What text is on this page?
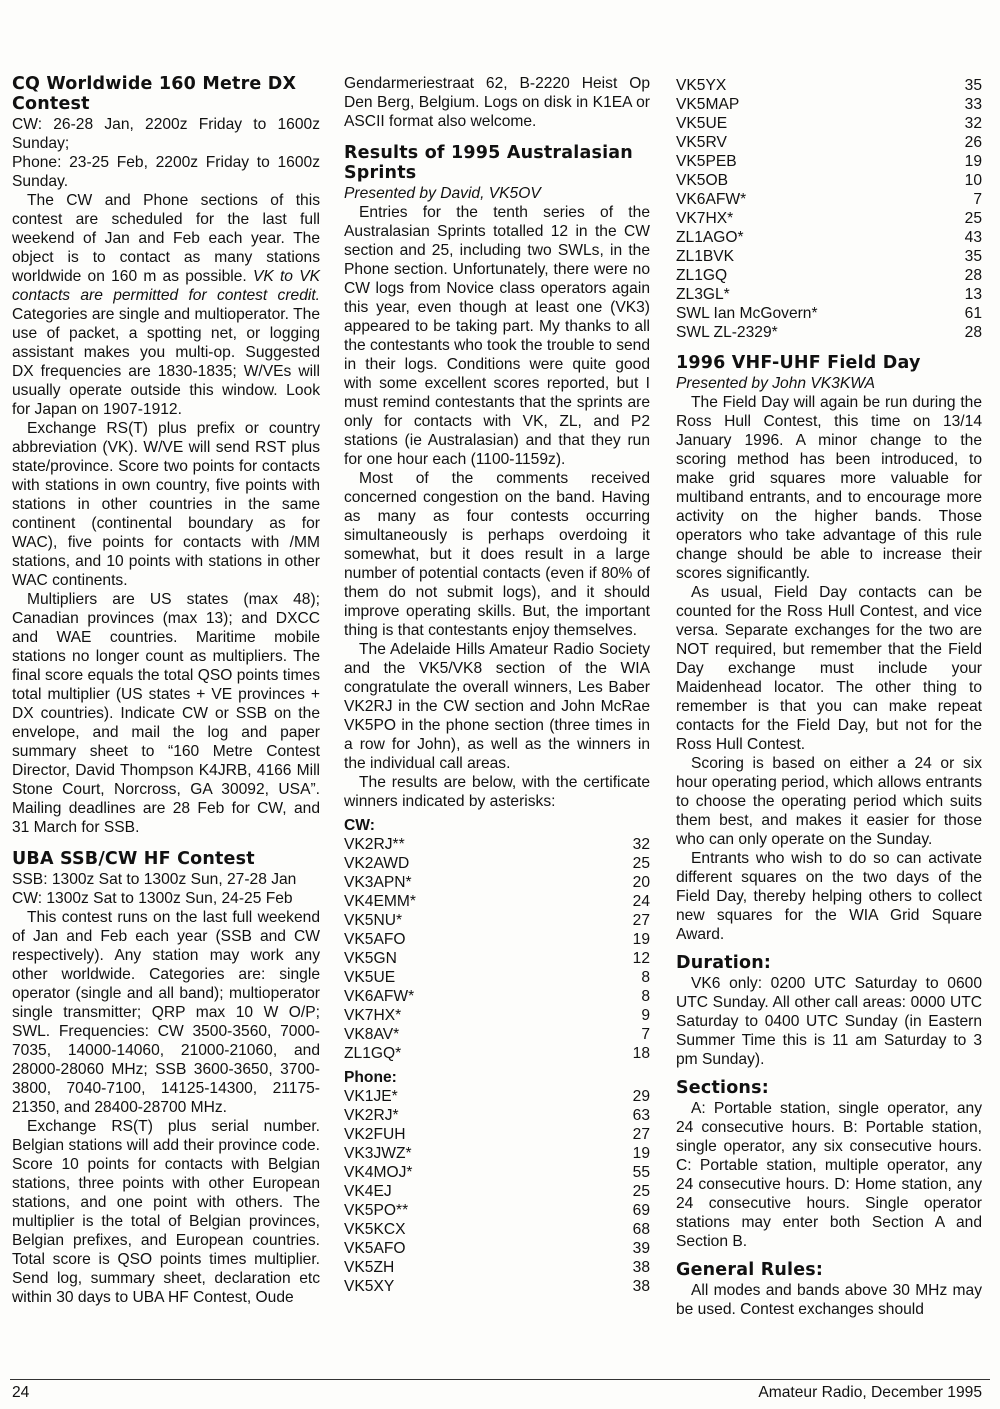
CQ Worldwide 160 Metre DX Contest

CW: 26-28 Jan, 2200z Friday to 1600z Sunday;

Phone: 23-25 Feb, 2200z Friday to 1600z Sunday.

The CW and Phone sections of this contest are scheduled for the last full weekend of Jan and Feb each year. The object is to contact as many stations worldwide on 160 m as possible. VK to VK contacts are permitted for contest credit. Categories are single and multioperator. The use of packet, a spotting net, or logging assistant makes you multi-op. Suggested DX frequencies are 1830-1835; W/VEs will usually operate outside this window. Look for Japan on 1907-1912.

Exchange RS(T) plus prefix or country abbreviation (VK). W/VE will send RST plus state/province. Score two points for contacts with stations in own country, five points with stations in other countries in the same continent (continental boundary as for WAC), five points for contacts with /MM stations, and 10 points with stations in other WAC continents.

Multipliers are US states (max 48); Canadian provinces (max 13); and DXCC and WAE countries. Maritime mobile stations no longer count as multipliers. The final score equals the total QSO points times total multiplier (US states + VE provinces + DX countries). Indicate CW or SSB on the envelope, and mail the log and paper summary sheet to “160 Metre Contest Director, David Thompson K4JRB, 4166 Mill Stone Court, Norcross, GA 30092, USA”. Mailing deadlines are 28 Feb for CW, and 31 March for SSB.

UBA SSB/CW HF Contest

SSB: 1300z Sat to 1300z Sun, 27-28 Jan

CW: 1300z Sat to 1300z Sun, 24-25 Feb

This contest runs on the last full weekend of Jan and Feb each year (SSB and CW respectively). Any station may work any other worldwide. Categories are: single operator (single and all band); multioperator single transmitter; QRP max 10 W O/P; SWL. Frequencies: CW 3500-3560, 7000-7035, 14000-14060, 21000-21060, and 28000-28060 MHz; SSB 3600-3650, 3700-3800, 7040-7100, 14125-14300, 21175-21350, and 28400-28700 MHz.

Exchange RS(T) plus serial number. Belgian stations will add their province code. Score 10 points for contacts with Belgian stations, three points with other European stations, and one point with others. The multiplier is the total of Belgian provinces, Belgian prefixes, and European countries. Total score is QSO points times multiplier. Send log, summary sheet, declaration etc within 30 days to UBA HF Contest, Oude

Gendarmeriestraat 62, B-2220 Heist Op Den Berg, Belgium. Logs on disk in K1EA or ASCII format also welcome.

Results of 1995 Australasian Sprints

Presented by David, VK5OV

Entries for the tenth series of the Australasian Sprints totalled 12 in the CW section and 25, including two SWLs, in the Phone section. Unfortunately, there were no CW logs from Novice class operators again this year, even though at least one (VK3) appeared to be taking part. My thanks to all the contestants who took the trouble to send in their logs. Conditions were quite good with some excellent scores reported, but I must remind contestants that the sprints are only for contacts with VK, ZL, and P2 stations (ie Australasian) and that they run for one hour each (1100-1159z).

Most of the comments received concerned congestion on the band. Having as many as four contests occurring simultaneously is perhaps overdoing it somewhat, but it does result in a large number of potential contacts (even if 80% of them do not submit logs), and it should improve operating skills. But, the important thing is that contestants enjoy themselves.

The Adelaide Hills Amateur Radio Society and the VK5/VK8 section of the WIA congratulate the overall winners, Les Baber VK2RJ in the CW section and John McRae VK5PO in the phone section (three times in a row for John), as well as the winners in the individual call areas.

The results are below, with the certificate winners indicated by asterisks:

CW:
VK2RJ**	32
VK2AWD	25
VK3APN*	20
VK4EMM*	24
VK5NU*	27
VK5AFO	19
VK5GN	12
VK5UE	8
VK6AFW*	8
VK7HX*	9
VK8AV*	7
ZL1GQ*	18
Phone:
VK1JE*	29
VK2RJ*	63
VK2FUH	27
VK3JWZ*	19
VK4MOJ*	55
VK4EJ	25
VK5PO**	69
VK5KCX	68
VK5AFO	39
VK5ZH	38
VK5XY	38
VK5YX	35
VK5MAP	33
VK5UE	32
VK5RV	26
VK5PEB	19
VK5OB	10
VK6AFW*	7
VK7HX*	25
ZL1AGO*	43
ZL1BVK	35
ZL1GQ	28
ZL3GL*	13
SWL Ian McGovern*	61
SWL ZL-2329*	28
1996 VHF-UHF Field Day

Presented by John VK3KWA

The Field Day will again be run during the Ross Hull Contest, this time on 13/14 January 1996. A minor change to the scoring method has been introduced, to make grid squares more valuable for multiband entrants, and to encourage more activity on the higher bands. Those operators who take advantage of this rule change should be able to increase their scores significantly.

As usual, Field Day contacts can be counted for the Ross Hull Contest, and vice versa. Separate exchanges for the two are NOT required, but remember that the Field Day exchange must include your Maidenhead locator. The other thing to remember is that you can make repeat contacts for the Field Day, but not for the Ross Hull Contest.

Scoring is based on either a 24 or six hour operating period, which allows entrants to choose the operating period which suits them best, and makes it easier for those who can only operate on the Sunday.

Entrants who wish to do so can activate different squares on the two days of the Field Day, thereby helping others to collect new squares for the WIA Grid Square Award.

Duration:

VK6 only: 0200 UTC Saturday to 0600 UTC Sunday. All other call areas: 0000 UTC Saturday to 0400 UTC Sunday (in Eastern Summer Time this is 11 am Saturday to 3 pm Sunday).

Sections:

A: Portable station, single operator, any 24 consecutive hours. B: Portable station, single operator, any six consecutive hours. C: Portable station, multiple operator, any 24 consecutive hours. D: Home station, any 24 consecutive hours. Single operator stations may enter both Section A and Section B.

General Rules:

All modes and bands above 30 MHz may be used. Contest exchanges should

24	Amateur Radio, December 1995
